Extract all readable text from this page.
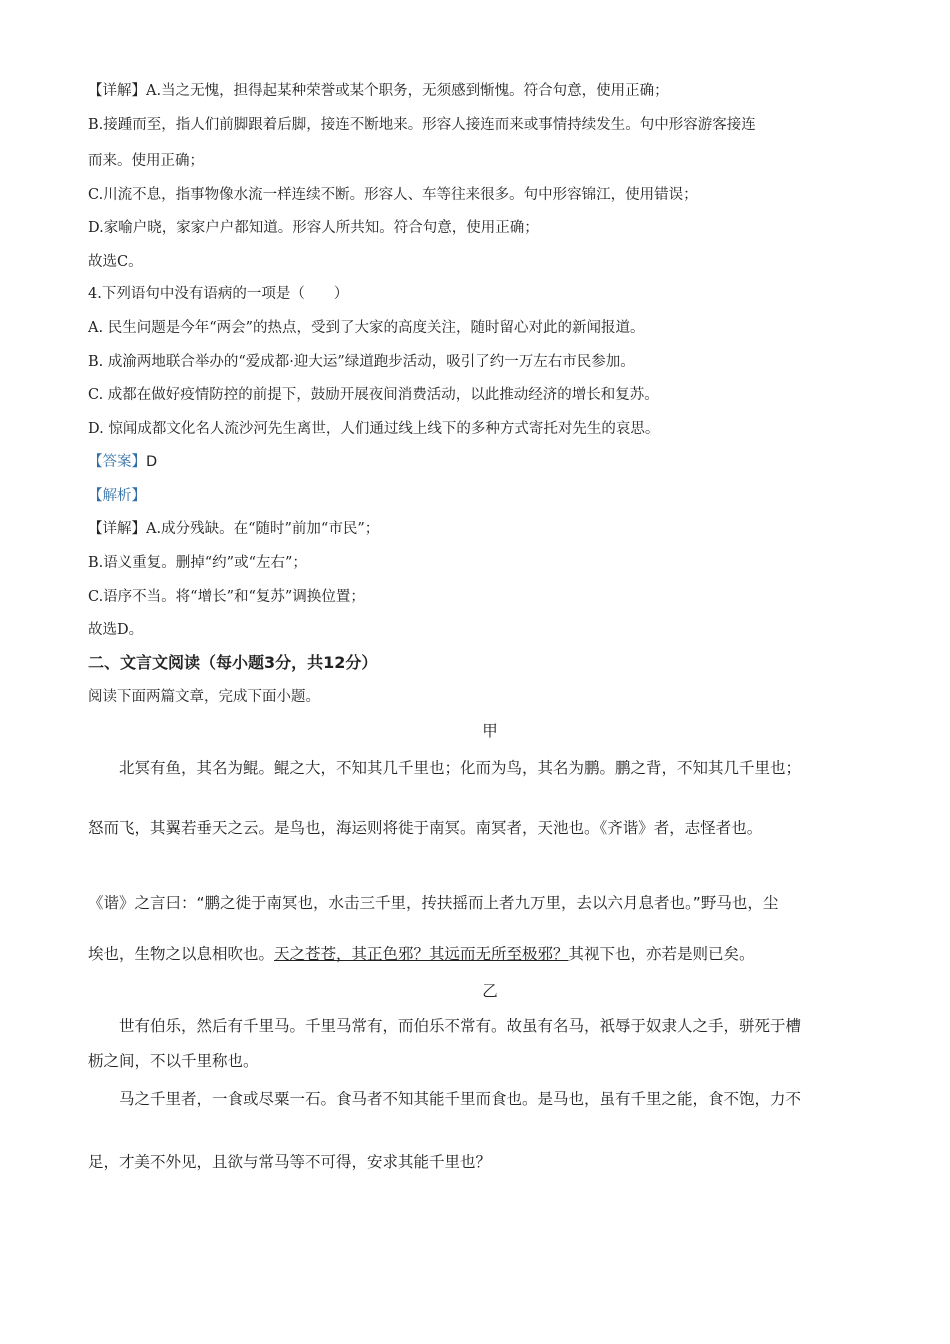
【详解】A.当之无愧，担得起某种荣誉或某个职务，无须感到惭愧。符合句意，使用正确；
B.接踵而至，指人们前脚跟着后脚，接连不断地来。形容人接连而来或事情持续发生。句中形容游客接连
而来。使用正确；
C.川流不息，指事物像水流一样连续不断。形容人、车等往来很多。句中形容锦江，使用错误；
D.家喻户晓，家家户户都知道。形容人所共知。符合句意，使用正确；
故选C。
4.下列语句中没有语病的一项是（　　）
A. 民生问题是今年“两会”的热点，受到了大家的高度关注，随时留心对此的新闻报道。
B. 成渝两地联合举办的“爱成都·迎大运”绿道跑步活动，吸引了约一万左右市民参加。
C. 成都在做好疫情防控的前提下，鼓励开展夜间消费活动，以此推动经济的增长和复苏。
D. 惊闻成都文化名人流沙河先生离世，人们通过线上线下的多种方式寄托对先生的哀思。
【答案】D
【解析】
【详解】A.成分残缺。在“随时”前加“市民”；
B.语义重复。删掉“约”或“左右”；
C.语序不当。将“增长”和“复苏”调换位置；
故选D。
二、文言文阅读（每小题3分，共12分）
阅读下面两篇文章，完成下面小题。
甲
北冥有鱼，其名为鲲。鲲之大，不知其几千里也；化而为鸟，其名为鹏。鹏之背，不知其几千里也；
怒而飞，其翼若垂天之云。是鸟也，海运则将徙于南冥。南冥者，天池也。《齐谐》者，志怪者也。
《谐》之言曰：“鹏之徙于南冥也，水击三千里，抟扶摇而上者九万里，去以六月息者也。”野马也，尘
埃也，生物之以息相吹也。天之苍苍，其正色邪？其远而无所至极邪？其视下也，亦若是则已矣。
乙
世有伯乐，然后有千里马。千里马常有，而伯乐不常有。故虽有名马，祇辱于奴隶人之手，骈死于槽
枥之间，不以千里称也。
马之千里者，一食或尽粟一石。食马者不知其能千里而食也。是马也，虽有千里之能，食不饱，力不
足，才美不外见，且欲与常马等不可得，安求其能千里也？
